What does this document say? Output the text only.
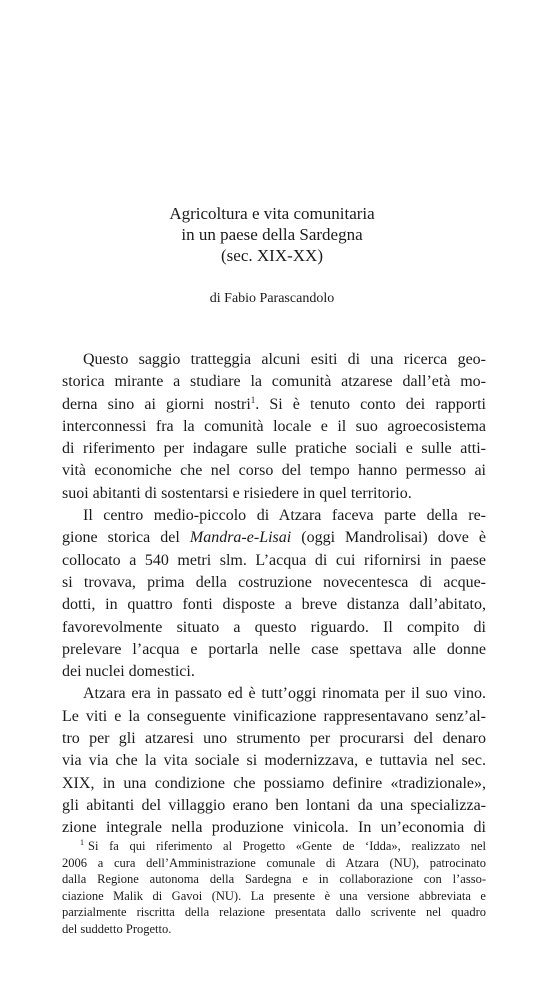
Agricoltura e vita comunitaria
in un paese della Sardegna
(sec. XIX-XX)
di Fabio Parascandolo
Questo saggio tratteggia alcuni esiti di una ricerca geo-
storica mirante a studiare la comunità atzarese dall’età mo-
derna sino ai giorni nostri$^1$. Si è tenuto conto dei rapporti
interconnessi fra la comunità locale e il suo agroecosistema
di riferimento per indagare sulle pratiche sociali e sulle atti-
vità economiche che nel corso del tempo hanno permesso ai
suoi abitanti di sostentarsi e risiedere in quel territorio.
Il centro medio-piccolo di Atzara faceva parte della re-
gione storica del Mandra-e-Lisai (oggi Mandrolisai) dove è
collocato a 540 metri slm. L’acqua di cui rifornirsi in paese
si trovava, prima della costruzione novecentesca di acque-
dotti, in quattro fonti disposte a breve distanza dall’abitato,
favorevolmente situato a questo riguardo. Il compito di
prelevare l’acqua e portarla nelle case spettava alle donne
dei nuclei domestici.
Atzara era in passato ed è tutt’oggi rinomata per il suo vino.
Le viti e la conseguente vinificazione rappresentavano senz’al-
tro per gli atzaresi uno strumento per procurarsi del denaro
via via che la vita sociale si modernizzava, e tuttavia nel sec.
XIX, in una condizione che possiamo definire «tradizionale»,
gli abitanti del villaggio erano ben lontani da una specializza-
zione integrale nella produzione vinicola. In un’economia di
$^1$ Si fa qui riferimento al Progetto «Gente de ‘Idda», realizzato nel
2006 a cura dell’Amministrazione comunale di Atzara (NU), patrocinato
dalla Regione autonoma della Sardegna e in collaborazione con l’asso-
ciazione Malik di Gavoi (NU). La presente è una versione abbreviata e
parzialmente riscritta della relazione presentata dallo scrivente nel quadro
del suddetto Progetto.
